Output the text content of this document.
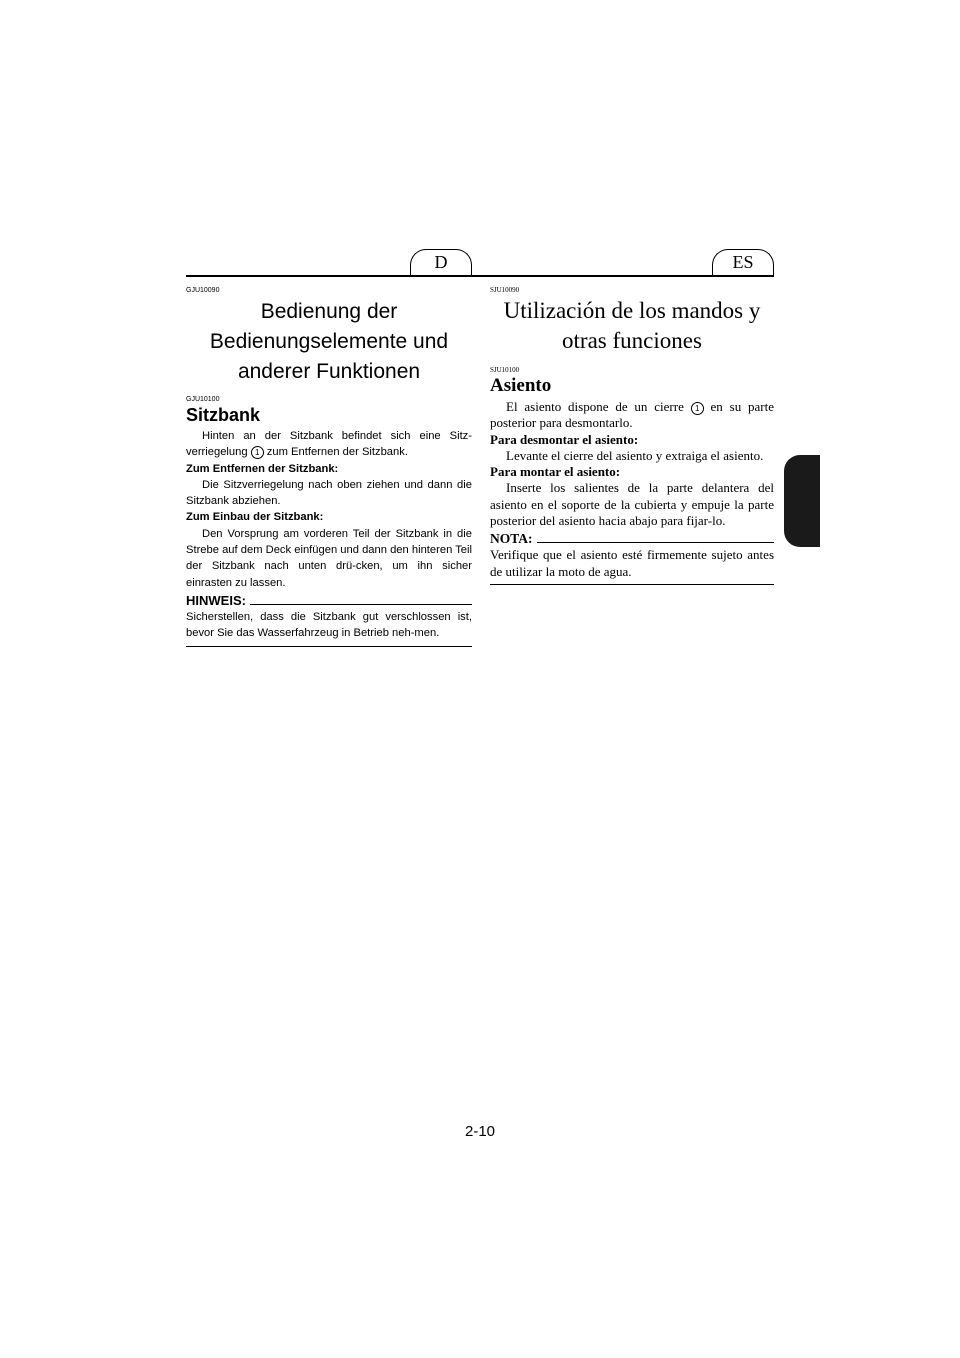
D	ES

GJU10090

Bedienung der
Bedienungselemente und
anderer Funktionen

GJU10100

Sitzbank

Hinten an der Sitzbank befindet sich eine Sitz-verriegelung 1 zum Entfernen der Sitzbank.

Zum Entfernen der Sitzbank:

Die Sitzverriegelung nach oben ziehen und dann die Sitzbank abziehen.

Zum Einbau der Sitzbank:

Den Vorsprung am vorderen Teil der Sitzbank in die Strebe auf dem Deck einfügen und dann den hinteren Teil der Sitzbank nach unten drü-cken, um ihn sicher einrasten zu lassen.

HINWEIS:

Sicherstellen, dass die Sitzbank gut verschlossen ist, bevor Sie das Wasserfahrzeug in Betrieb neh-men.

SJU10090

Utilización de los mandos y
otras funciones

SJU10100

Asiento

El asiento dispone de un cierre 1 en su parte posterior para desmontarlo.

Para desmontar el asiento:

Levante el cierre del asiento y extraiga el asiento.

Para montar el asiento:

Inserte los salientes de la parte delantera del asiento en el soporte de la cubierta y empuje la parte posterior del asiento hacia abajo para fijar-lo.

NOTA:

Verifique que el asiento esté firmemente sujeto antes de utilizar la moto de agua.

2-10
